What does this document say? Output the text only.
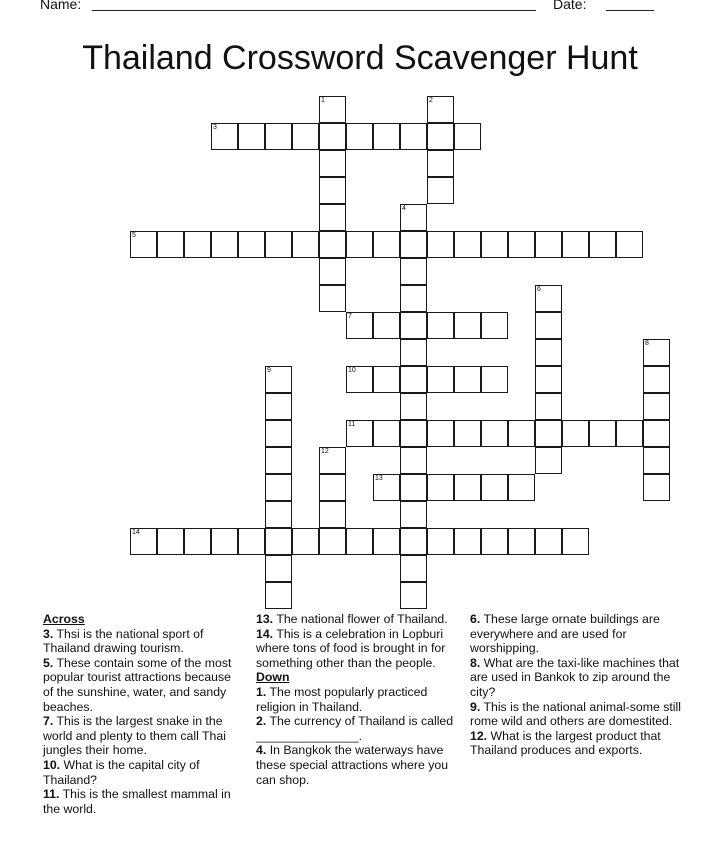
Name:	Date:
Thailand Crossword Scavenger Hunt
1	2
3
4
5
6
7
8
9	10
11
12
13
14

Across

3. Thsi is the national sport of Thailand drawing tourism.

5. These contain some of the most popular tourist attractions because of the sunshine, water, and sandy beaches.

7. This is the largest snake in the world and plenty to them call Thai jungles their home.

10. What is the capital city of Thailand?

11. This is the smallest mammal in the world.

13. The national flower of Thailand.

14. This is a celebration in Lopburi where tons of food is brought in for something other than the people.

Down

1. The most popularly practiced religion in Thailand.

2. The currency of Thailand is called _______________.

4. In Bangkok the waterways have these special attractions where you can shop.

6. These large ornate buildings are everywhere and are used for worshipping.

8. What are the taxi-like machines that are used in Bankok to zip around the city?

9. This is the national animal-some still rome wild and others are domestited.

12. What is the largest product that Thailand produces and exports.
